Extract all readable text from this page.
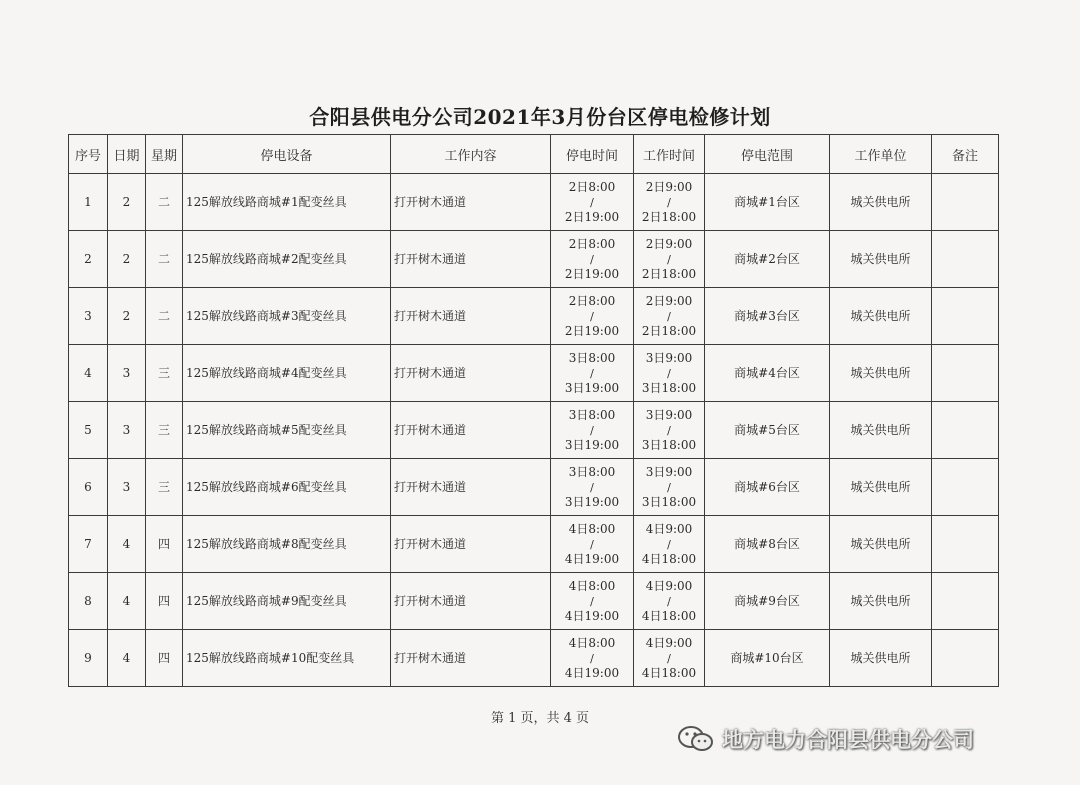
合阳县供电分公司2021年3月份台区停电检修计划
序号	日期	星期	停电设备	工作内容	停电时间	工作时间	停电范围	工作单位	备注
1	2	二	125解放线路商城#1配变丝具	打开树木通道	2日8:00
/
2日19:00	2日9:00
/
2日18:00	商城#1台区	城关供电所	
2	2	二	125解放线路商城#2配变丝具	打开树木通道	2日8:00
/
2日19:00	2日9:00
/
2日18:00	商城#2台区	城关供电所	
3	2	二	125解放线路商城#3配变丝具	打开树木通道	2日8:00
/
2日19:00	2日9:00
/
2日18:00	商城#3台区	城关供电所	
4	3	三	125解放线路商城#4配变丝具	打开树木通道	3日8:00
/
3日19:00	3日9:00
/
3日18:00	商城#4台区	城关供电所	
5	3	三	125解放线路商城#5配变丝具	打开树木通道	3日8:00
/
3日19:00	3日9:00
/
3日18:00	商城#5台区	城关供电所	
6	3	三	125解放线路商城#6配变丝具	打开树木通道	3日8:00
/
3日19:00	3日9:00
/
3日18:00	商城#6台区	城关供电所	
7	4	四	125解放线路商城#8配变丝具	打开树木通道	4日8:00
/
4日19:00	4日9:00
/
4日18:00	商城#8台区	城关供电所	
8	4	四	125解放线路商城#9配变丝具	打开树木通道	4日8:00
/
4日19:00	4日9:00
/
4日18:00	商城#9台区	城关供电所	
9	4	四	125解放线路商城#10配变丝具	打开树木通道	4日8:00
/
4日19:00	4日9:00
/
4日18:00	商城#10台区	城关供电所	
第 1 页，共 4 页
地方电力合阳县供电分公司
